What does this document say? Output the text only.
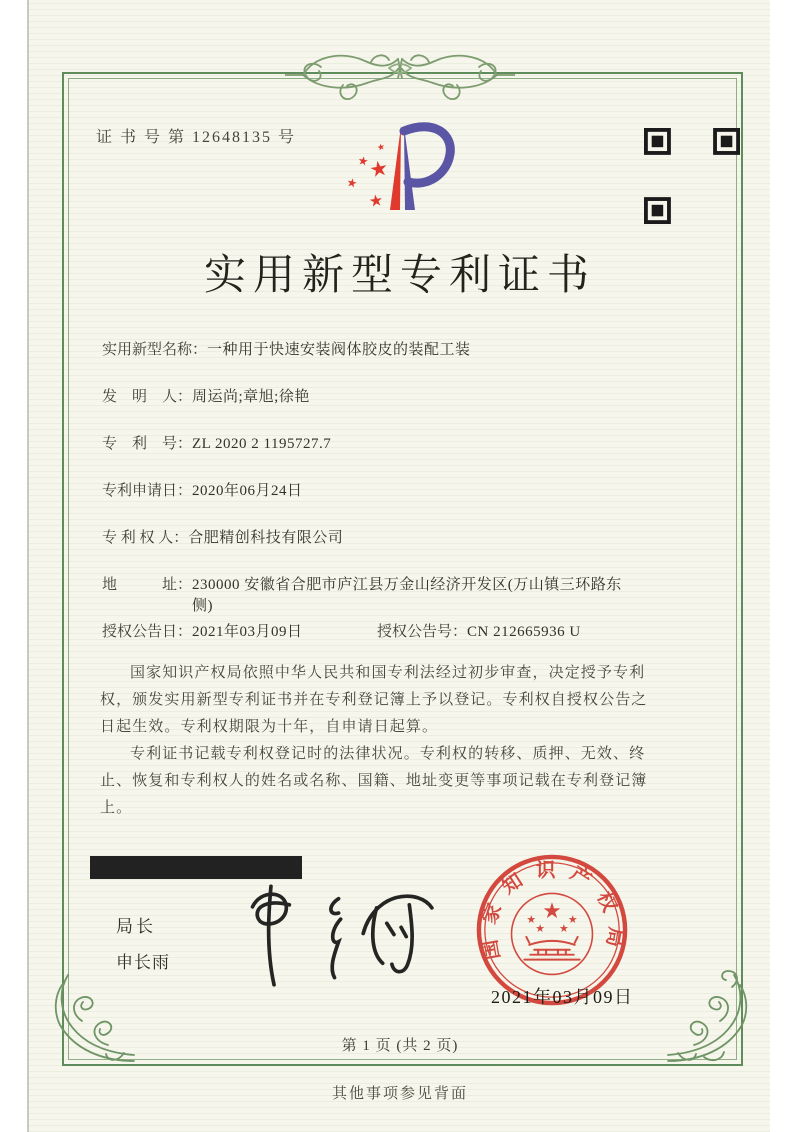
证 书 号 第 12648135 号
★
★
★
★
★
实用新型专利证书
实用新型名称：一种用于快速安装阀体胶皮的装配工装
发　明　人：周运尚;章旭;徐艳
专　利　号：ZL 2020 2 1195727.7
专利申请日：2020年06月24日
专 利 权 人：合肥精创科技有限公司
地　　　址：230000 安徽省合肥市庐江县万金山经济开发区(万山镇三环路东侧)
授权公告日：2021年03月09日	授权公告号：CN 212665936 U

国家知识产权局依照中华人民共和国专利法经过初步审查，决定授予专利权，颁发实用新型专利证书并在专利登记簿上予以登记。专利权自授权公告之日起生效。专利权期限为十年，自申请日起算。

专利证书记载专利权登记时的法律状况。专利权的转移、质押、无效、终止、恢复和专利权人的姓名或名称、国籍、地址变更等事项记载在专利登记簿上。

局长
申长雨
国家知识产权局
★
★	★
★ ★
2021年03月09日
第 1 页 (共 2 页)
其他事项参见背面
